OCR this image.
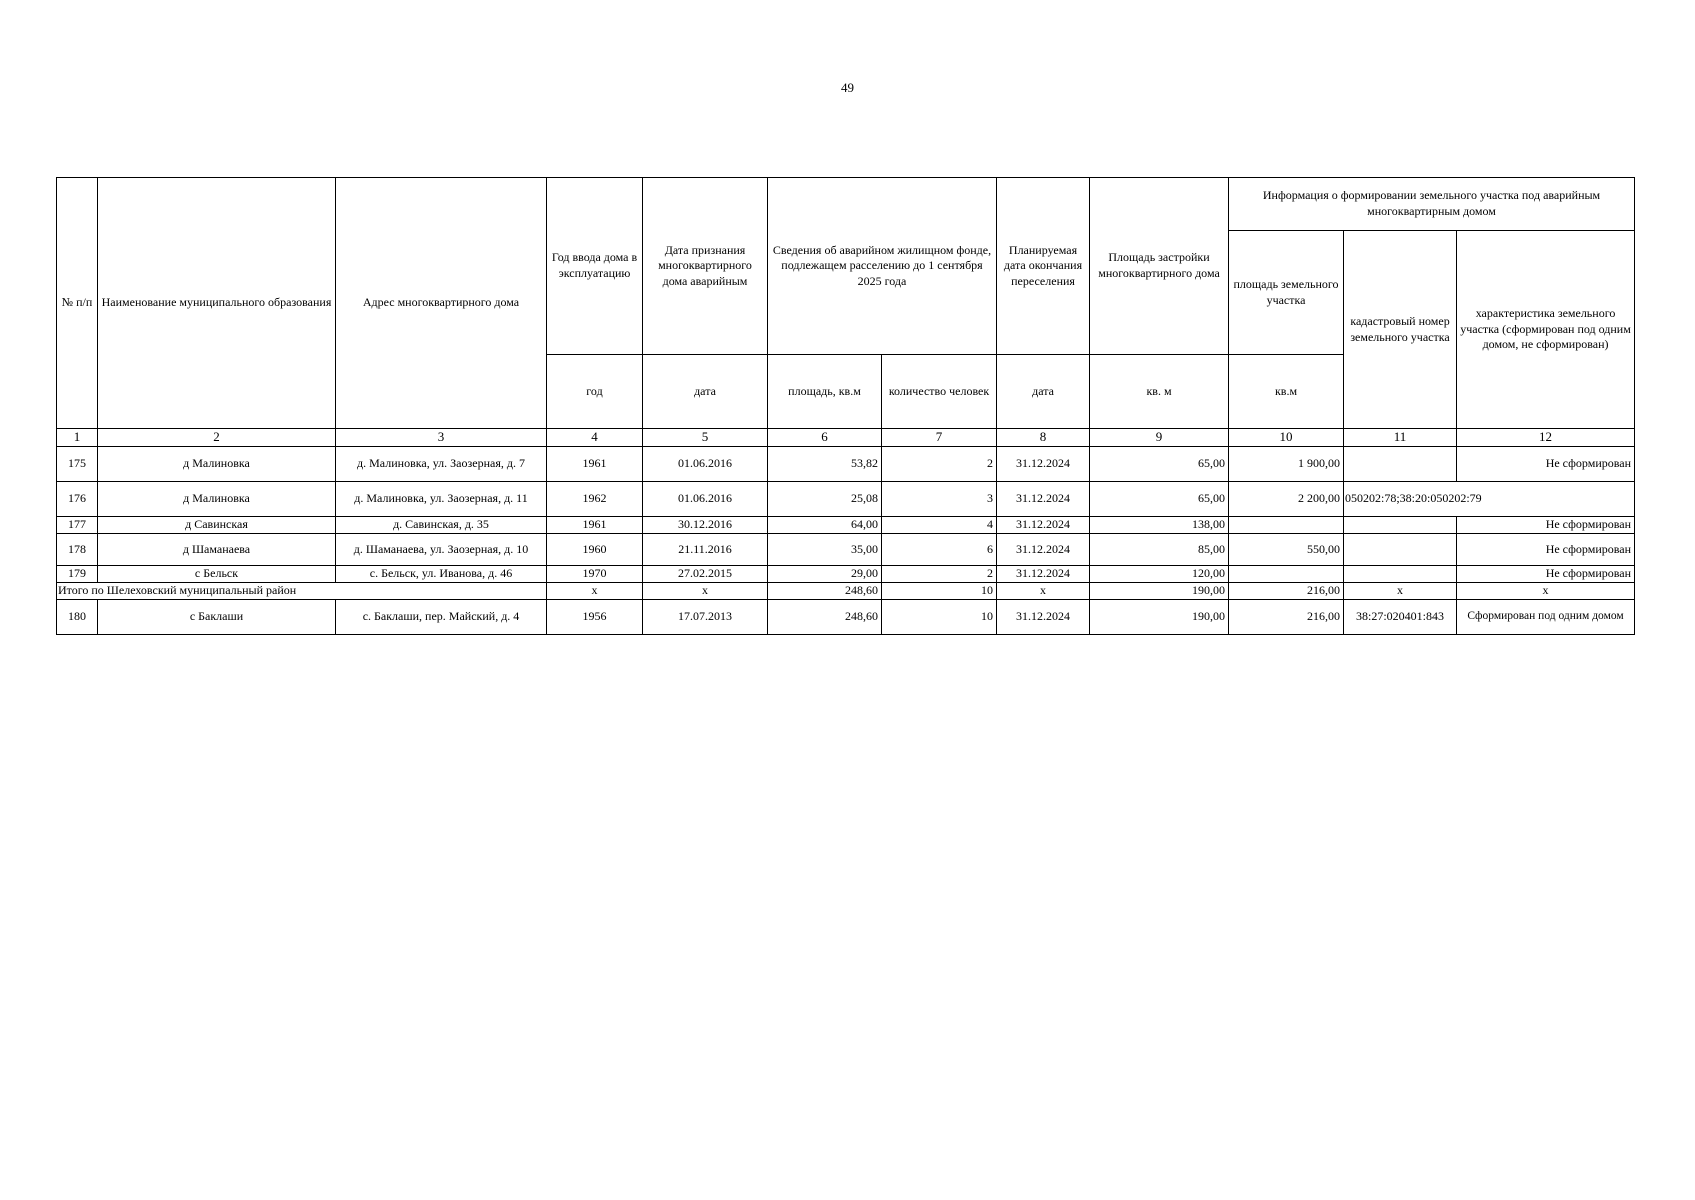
49
№ п/п	Наименование муниципального образования	Адрес многоквартирного дома	Год ввода дома в эксплуатацию	Дата признания многоквартирного дома аварийным	Сведения об аварийном жилищном фонде, подлежащем расселению до 1 сентября 2025 года		Планируемая дата окончания переселения	Площадь застройки многоквартирного дома	Информация о формировании земельного участка под аварийным многоквартирным домом		
									площадь земельного участка	кадастровый номер земельного участка	характеристика земельного участка (сформирован под одним домом, не сформирован)
			год	дата	площадь, кв.м	количество человек	дата	кв. м	кв.м		
1	2	3	4	5	6	7	8	9	10	11	12
175	д Малиновка	д. Малиновка, ул. Заозерная, д. 7	1961	01.06.2016	53,82	2	31.12.2024	65,00	1 900,00		Не сформирован
176	д Малиновка	д. Малиновка, ул. Заозерная, д. 11	1962	01.06.2016	25,08	3	31.12.2024	65,00	2 200,00	050202:78;38:20:050202:79	
177	д Савинская	д. Савинская, д. 35	1961	30.12.2016	64,00	4	31.12.2024	138,00			Не сформирован
178	д Шаманаева	д. Шаманаева, ул. Заозерная, д. 10	1960	21.11.2016	35,00	6	31.12.2024	85,00	550,00		Не сформирован
179	с Бельск	с. Бельск, ул. Иванова, д. 46	1970	27.02.2015	29,00	2	31.12.2024	120,00			Не сформирован
Итого по Шелеховский муниципальный район			х	х	248,60	10	х	190,00	216,00	х	х
180	с Баклаши	с. Баклаши, пер. Майский, д. 4	1956	17.07.2013	248,60	10	31.12.2024	190,00	216,00	38:27:020401:843	Сформирован под одним домом
